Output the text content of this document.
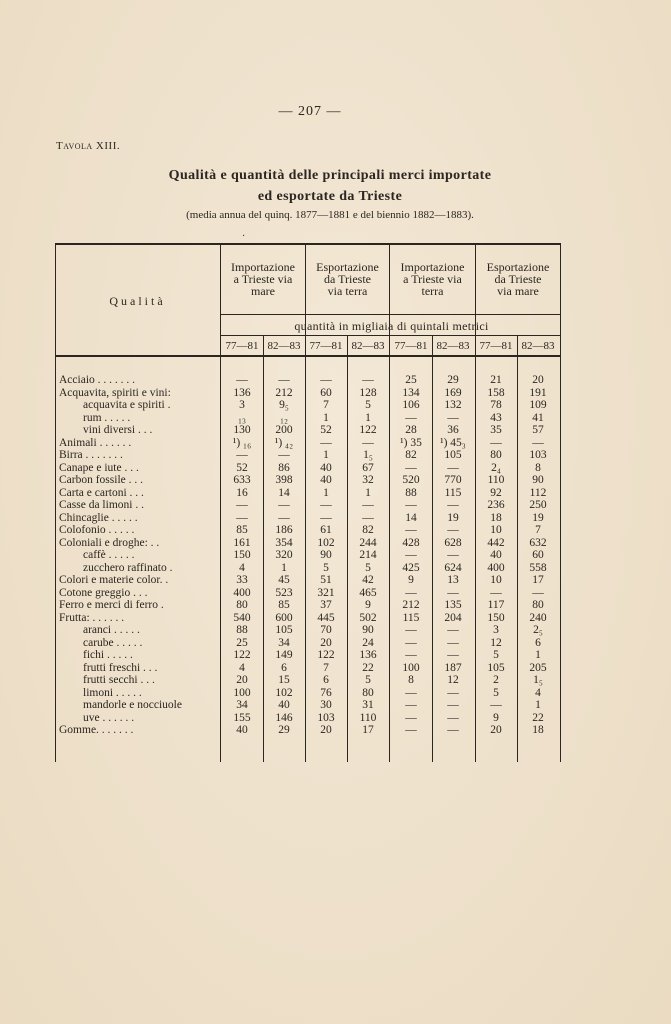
— 207 —
Tavola XIII.
Qualità e quantità delle principali merci importate
ed esportate da Trieste
(media annua del quinq. 1877—1881 e del biennio 1882—1883).
·
Qualità
Importazione
a Trieste via
mare
Esportazione
da Trieste
via terra
Importazione
a Trieste via
terra
Esportazione
da Trieste
via mare
quantità in migliaia di quintali metrici
77—81 82—83 77—81 82—83 77—81 82—83 77—81 82—83
Acciaio . . . . . . .	—	—	—	—	25	29	21	20
Acquavita, spiriti e vini:	136	212	60	128	134	169	158	191
acquavita e spiriti .	3	9₅	7	5	106	132	78	109
rum . . . . .	₁₃	₁₂	1	1	—	—	43	41
vini diversi . . .	130	200	52	122	28	36	35	57
Animali . . . . . .	¹) ₁₆	¹) ₄₂	—	—	¹) 35	¹) 45₃	—	—
Birra . . . . . . .	—	—	1	1₅	82	105	80	103
Canape e iute . . .	52	86	40	67	—	—	2₄	8
Carbon fossile . . .	633	398	40	32	520	770	110	90
Carta e cartoni . . .	16	14	1	1	88	115	92	112
Casse da limoni . .	—	—	—	—	—	—	236	250
Chincaglie . . . . .	—	—	—	—	14	19	18	19
Colofonio . . . . .	85	186	61	82	—	—	10	7
Coloniali e droghe: . .	161	354	102	244	428	628	442	632
caffè . . . . .	150	320	90	214	—	—	40	60
zucchero raffinato .	4	1	5	5	425	624	400	558
Colori e materie color. .	33	45	51	42	9	13	10	17
Cotone greggio . . .	400	523	321	465	—	—	—	—
Ferro e merci di ferro .	80	85	37	9	212	135	117	80
Frutta: . . . . . .	540	600	445	502	115	204	150	240
aranci . . . . .	88	105	70	90	—	—	3	2₅
carube . . . . .	25	34	20	24	—	—	12	6
fichi . . . . .	122	149	122	136	—	—	5	1
frutti freschi . . .	4	6	7	22	100	187	105	205
frutti secchi . . .	20	15	6	5	8	12	2	1₅
limoni . . . . .	100	102	76	80	—	—	5	4
mandorle e nocciuole	34	40	30	31	—	—	—	1
uve . . . . . .	155	146	103	110	—	—	9	22
Gomme. . . . . . .	40	29	20	17	—	—	20	18
